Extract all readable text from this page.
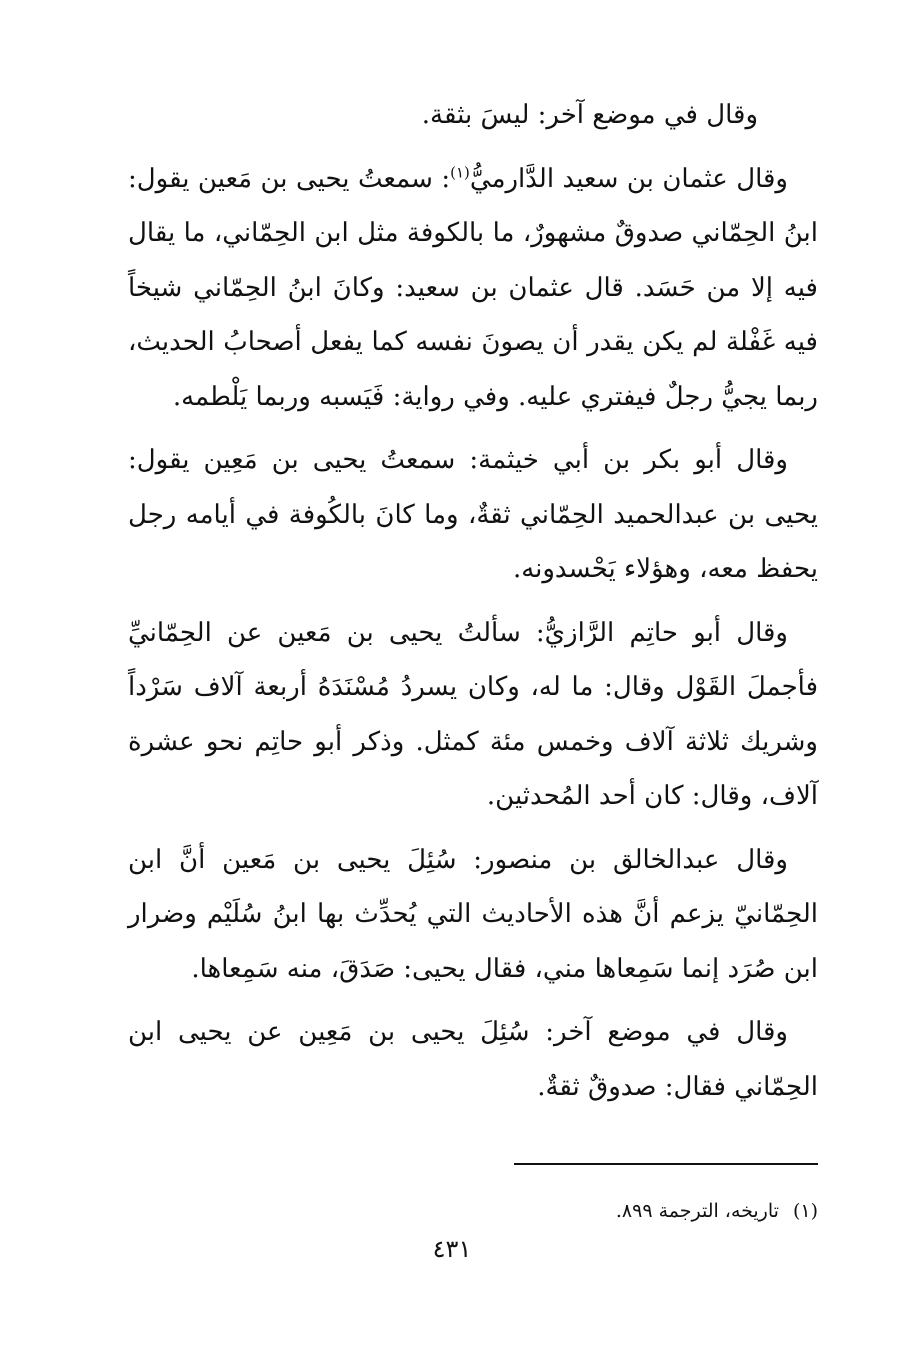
وقال في موضع آخر: ليسَ بثقة.

وقال عثمان بن سعيد الدَّارميُّ$^{(١)}$: سمعتُ يحيى بن مَعين يقول: ابنُ الحِمّاني صدوقٌ مشهورٌ، ما بالكوفة مثل ابن الحِمّاني، ما يقال فيه إلا من حَسَد. قال عثمان بن سعيد: وكانَ ابنُ الحِمّاني شيخاً فيه غَفْلة لم يكن يقدر أن يصونَ نفسه كما يفعل أصحابُ الحديث، ربما يجيُّ رجلٌ فيفتري عليه. وفي رواية: فَيَسبه وربما يَلْطمه.

وقال أبو بكر بن أبي خيثمة: سمعتُ يحيى بن مَعِين يقول: يحيى بن عبدالحميد الحِمّاني ثقةٌ، وما كانَ بالكُوفة في أيامه رجل يحفظ معه، وهؤلاء يَحْسدونه.

وقال أبو حاتِم الرَّازيُّ: سألتُ يحيى بن مَعين عن الحِمّانيِّ فأجملَ القَوْل وقال: ما له، وكان يسردُ مُسْنَدَهُ أربعة آلاف سَرْداً وشريك ثلاثة آلاف وخمس مئة كمثل. وذكر أبو حاتِم نحو عشرة آلاف، وقال: كان أحد المُحدثين.

وقال عبدالخالق بن منصور: سُئِلَ يحيى بن مَعين أنَّ ابن الحِمّانيّ يزعم أنَّ هذه الأحاديث التي يُحدِّث بها ابنُ سُلَيْم وضرار ابن صُرَد إنما سَمِعاها مني، فقال يحيى: صَدَقَ، منه سَمِعاها.

وقال في موضع آخر: سُئِلَ يحيى بن مَعِين عن يحيى ابن الحِمّاني فقال: صدوقٌ ثقةٌ.

(١)تاريخه، الترجمة ٨٩٩.
٤٣١
